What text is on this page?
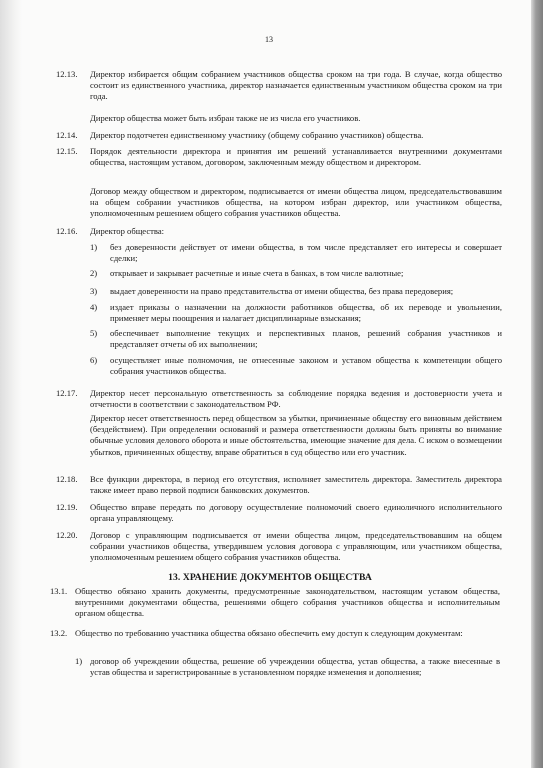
13
12.13. Директор избирается общим собранием участников общества сроком на три года. В случае, когда общество состоит из единственного участника, директор назначается единственным участником общества сроком на три года.

Директор общества может быть избран также не из числа его участников.

12.14. Директор подотчетен единственному участнику (общему собранию участников) общества.

12.15. Порядок деятельности директора и принятия им решений устанавливается внутренними документами общества, настоящим уставом, договором, заключенным между обществом и директором.

Договор между обществом и директором, подписывается от имени общества лицом, председательствовавшим на общем собрании участников общества, на котором избран директор, или участником общества, уполномоченным решением общего собрания участников общества.

12.16. Директор общества:

1) без доверенности действует от имени общества, в том числе представляет его интересы и совершает сделки;

2) открывает и закрывает расчетные и иные счета в банках, в том числе валютные;

3) выдает доверенности на право представительства от имени общества, без права передоверия;

4) издает приказы о назначении на должности работников общества, об их переводе и увольнении, применяет меры поощрения и налагает дисциплинарные взыскания;

5) обеспечивает выполнение текущих и перспективных планов, решений собрания участников и представляет отчеты об их выполнении;

6) осуществляет иные полномочия, не отнесенные законом и уставом общества к компетенции общего собрания участников общества.

12.17. Директор несет персональную ответственность за соблюдение порядка ведения и достоверности учета и отчетности в соответствии с законодательством РФ.

Директор несет ответственность перед обществом за убытки, причиненные обществу его виновным действием (бездействием). При определении оснований и размера ответственности должны быть приняты во внимание обычные условия делового оборота и иные обстоятельства, имеющие значение для дела. С иском о возмещении убытков, причиненных обществу, вправе обратиться в суд общество или его участник.

12.18. Все функции директора, в период его отсутствия, исполняет заместитель директора. Заместитель директора также имеет право первой подписи банковских документов.

12.19. Общество вправе передать по договору осуществление полномочий своего единоличного исполнительного органа управляющему.

12.20. Договор с управляющим подписывается от имени общества лицом, председательствовавшим на общем собрании участников общества, утвердившем условия договора с управляющим, или участником общества, уполномоченным решением общего собрания участников общества.

13. ХРАНЕНИЕ ДОКУМЕНТОВ ОБЩЕСТВА
13.1. Общество обязано хранить документы, предусмотренные законодательством, настоящим уставом общества, внутренними документами общества, решениями общего собрания участников общества и исполнительным органом общества.

13.2. Общество по требованию участника общества обязано обеспечить ему доступ к следующим документам:

1) договор об учреждении общества, решение об учреждении общества, устав общества, а также внесенные в устав общества и зарегистрированные в установленном порядке изменения и дополнения;
